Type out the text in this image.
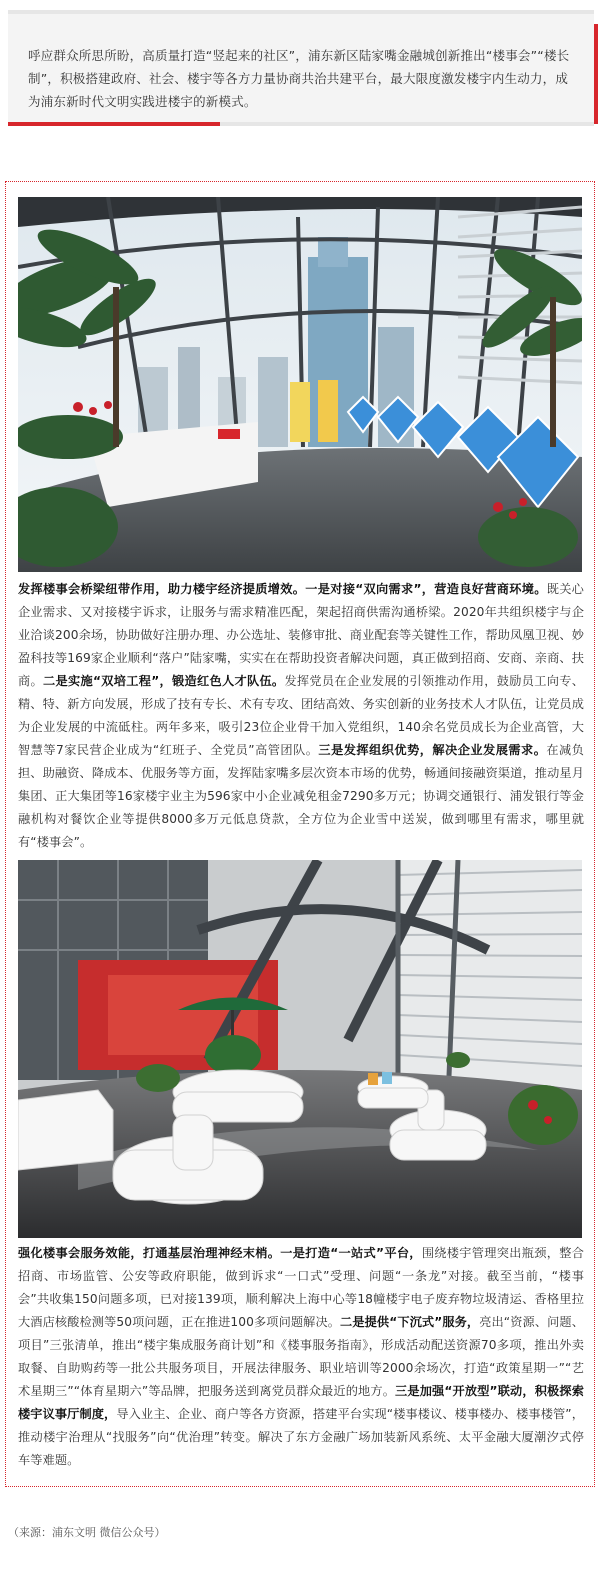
呼应群众所思所盼，高质量打造“竖起来的社区”，浦东新区陆家嘴金融城创新推出“楼事会”“楼长制”，积极搭建政府、社会、楼宇等各方力量协商共治共建平台，最大限度激发楼宇内生动力，成为浦东新时代文明实践进楼宇的新模式。

发挥楼事会桥梁纽带作用，助力楼宇经济提质增效。一是对接“双向需求”，营造良好营商环境。既关心企业需求、又对接楼宇诉求，让服务与需求精准匹配，架起招商供需沟通桥梁。2020年共组织楼宇与企业洽谈200余场，协助做好注册办理、办公选址、装修审批、商业配套等关键性工作，帮助凤凰卫视、妙盈科技等169家企业顺利“落户”陆家嘴，实实在在帮助投资者解决问题，真正做到招商、安商、亲商、扶商。二是实施“双培工程”，锻造红色人才队伍。发挥党员在企业发展的引领推动作用，鼓励员工向专、精、特、新方向发展，形成了技有专长、术有专攻、团结高效、务实创新的业务技术人才队伍，让党员成为企业发展的中流砥柱。两年多来，吸引23位企业骨干加入党组织，140余名党员成长为企业高管，大智慧等7家民营企业成为“红班子、全党员”高管团队。三是发挥组织优势，解决企业发展需求。在减负担、助融资、降成本、优服务等方面，发挥陆家嘴多层次资本市场的优势，畅通间接融资渠道，推动星月集团、正大集团等16家楼宇业主为596家中小企业减免租金7290多万元；协调交通银行、浦发银行等金融机构对餐饮企业等提供8000多万元低息贷款，全方位为企业雪中送炭，做到哪里有需求，哪里就有“楼事会”。

强化楼事会服务效能，打通基层治理神经末梢。一是打造“一站式”平台，围绕楼宇管理突出瓶颈，整合招商、市场监管、公安等政府职能，做到诉求“一口式”受理、问题“一条龙”对接。截至当前，“楼事会”共收集150问题多项，已对接139项，顺利解决上海中心等18幢楼宇电子废弃物垃圾清运、香格里拉大酒店核酸检测等50项问题，正在推进100多项问题解决。二是提供“下沉式”服务，亮出“资源、问题、项目”三张清单，推出“楼宇集成服务商计划”和《楼事服务指南》，形成活动配送资源70多项，推出外卖取餐、自助购药等一批公共服务项目，开展法律服务、职业培训等2000余场次，打造“政策星期一”“艺术星期三”“体育星期六”等品牌，把服务送到离党员群众最近的地方。三是加强“开放型”联动，积极探索楼宇议事厅制度，导入业主、企业、商户等各方资源，搭建平台实现“楼事楼议、楼事楼办、楼事楼管”，推动楼宇治理从“找服务”向“优治理”转变。解决了东方金融广场加装新风系统、太平金融大厦潮汐式停车等难题。

（来源：浦东文明 微信公众号）
